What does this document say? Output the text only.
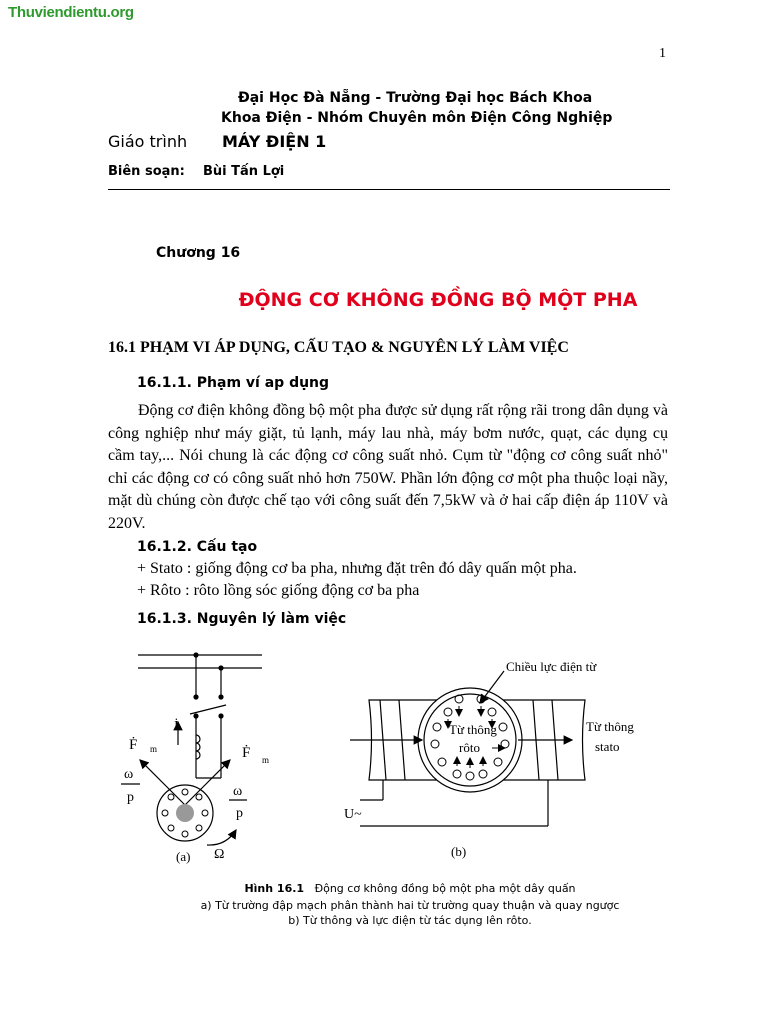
Thuviendientu.org
1
Đại Học Đà Nẵng - Trường Đại học Bách Khoa
Khoa Điện - Nhóm Chuyên môn Điện Công Nghiệp
Giáo trình MÁY ĐIỆN 1
Biên soạn: Bùi Tấn Lợi
Chương 16
ĐỘNG CƠ KHÔNG ĐỒNG BỘ MỘT PHA
16.1 PHẠM VI ÁP DỤNG, CẤU TẠO & NGUYÊN LÝ LÀM VIỆC
16.1.1. Phạm ví ap dụng
Động cơ điện không đồng bộ một pha được sử dụng rất rộng rãi trong dân dụng và công nghiệp như máy giặt, tủ lạnh, máy lau nhà, máy bơm nước, quạt, các dụng cụ cầm tay,... Nói chung là các động cơ công suất nhỏ. Cụm từ "động cơ công suất nhỏ" chỉ các động cơ có công suất nhỏ hơn 750W. Phần lớn động cơ một pha thuộc loại nầy, mặt dù chúng còn được chế tạo với công suất đến 7,5kW và ở hai cấp điện áp 110V và 220V.
16.1.2. Cấu tạo
+ Stato : giống động cơ ba pha, nhưng đặt trên đó dây quấn một pha.
+ Rôto : rôto lồng sóc giống động cơ ba pha
16.1.3. Nguyên lý làm việc
İ
Ḟ m	Ḟ m
ω
p	ω
p
Ω
(a)
Chiều lực điện từ
Từ thông
rôto
Từ thông
stato
U~
(b)
Hình 16.1 Động cơ không đồng bộ một pha một dây quấn
a) Từ trường đập mạch phân thành hai từ trường quay thuận và quay ngược
b) Từ thông và lực điện từ tác dụng lên rôto.
